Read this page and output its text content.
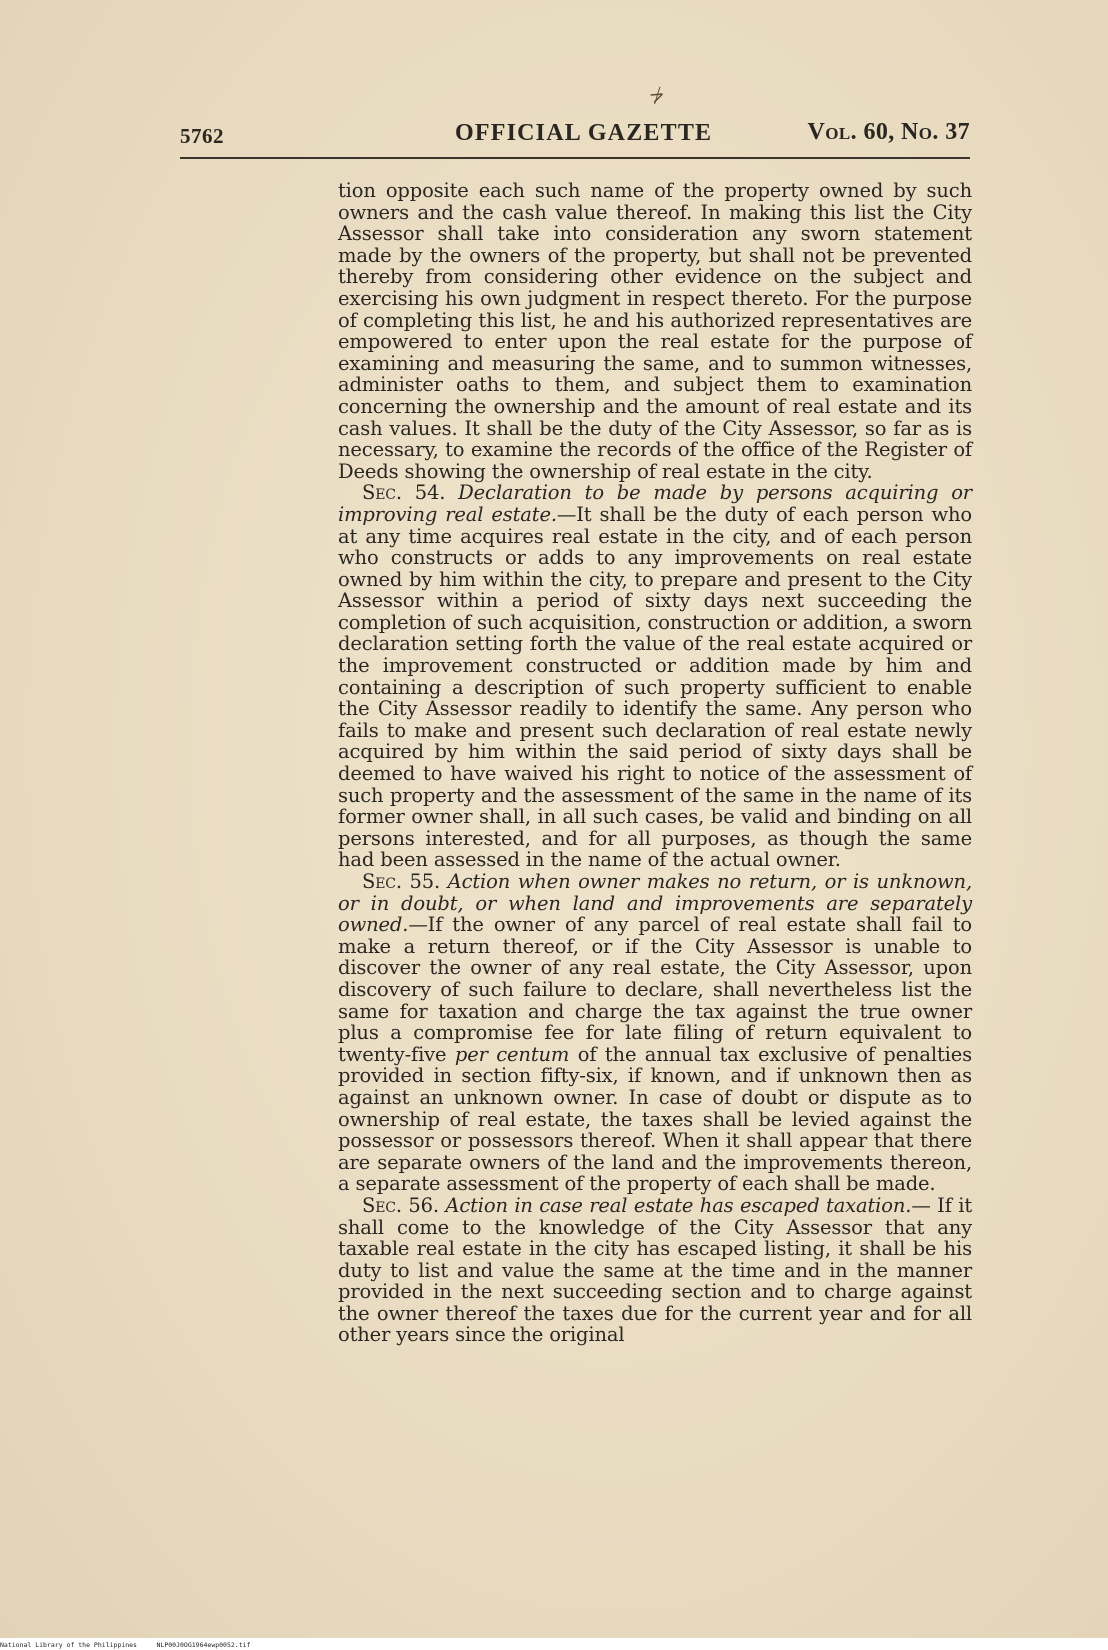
5762	OFFICIAL GAZETTE	Vol. 60, No. 37
≯

tion opposite each such name of the property owned by such owners and the cash value thereof. In making this list the City Assessor shall take into consideration any sworn statement made by the owners of the property, but shall not be prevented thereby from considering other evidence on the subject and exercising his own judgment in respect thereto. For the purpose of completing this list, he and his authorized representatives are empowered to enter upon the real estate for the purpose of examining and measuring the same, and to summon witnesses, administer oaths to them, and subject them to examination concerning the ownership and the amount of real estate and its cash values. It shall be the duty of the City Assessor, so far as is necessary, to examine the records of the office of the Register of Deeds showing the ownership of real estate in the city.

Sec. 54. Declaration to be made by persons acquiring or improving real estate.—It shall be the duty of each person who at any time acquires real estate in the city, and of each person who constructs or adds to any improvements on real estate owned by him within the city, to prepare and present to the City Assessor within a period of sixty days next succeeding the completion of such acquisition, construction or addition, a sworn declaration setting forth the value of the real estate acquired or the improvement constructed or addition made by him and containing a description of such property sufficient to enable the City Assessor readily to identify the same. Any person who fails to make and present such declaration of real estate newly acquired by him within the said period of sixty days shall be deemed to have waived his right to notice of the assessment of such property and the assessment of the same in the name of its former owner shall, in all such cases, be valid and binding on all persons interested, and for all purposes, as though the same had been assessed in the name of the actual owner.

Sec. 55. Action when owner makes no return, or is unknown, or in doubt, or when land and improvements are separately owned.—If the owner of any parcel of real estate shall fail to make a return thereof, or if the City Assessor is unable to discover the owner of any real estate, the City Assessor, upon discovery of such failure to declare, shall nevertheless list the same for taxation and charge the tax against the true owner plus a compromise fee for late filing of return equivalent to twenty-five per centum of the annual tax exclusive of penalties provided in section fifty-six, if known, and if unknown then as against an unknown owner. In case of doubt or dispute as to ownership of real estate, the taxes shall be levied against the possessor or possessors thereof. When it shall appear that there are separate owners of the land and the improvements thereon, a separate assessment of the property of each shall be made.

Sec. 56. Action in case real estate has escaped taxation.— If it shall come to the knowledge of the City Assessor that any taxable real estate in the city has escaped listing, it shall be his duty to list and value the same at the time and in the manner provided in the next succeeding section and to charge against the owner thereof the taxes due for the current year and for all other years since the original

National Library of the Philippines     NLP00J0OG1964ewp0052.tif
